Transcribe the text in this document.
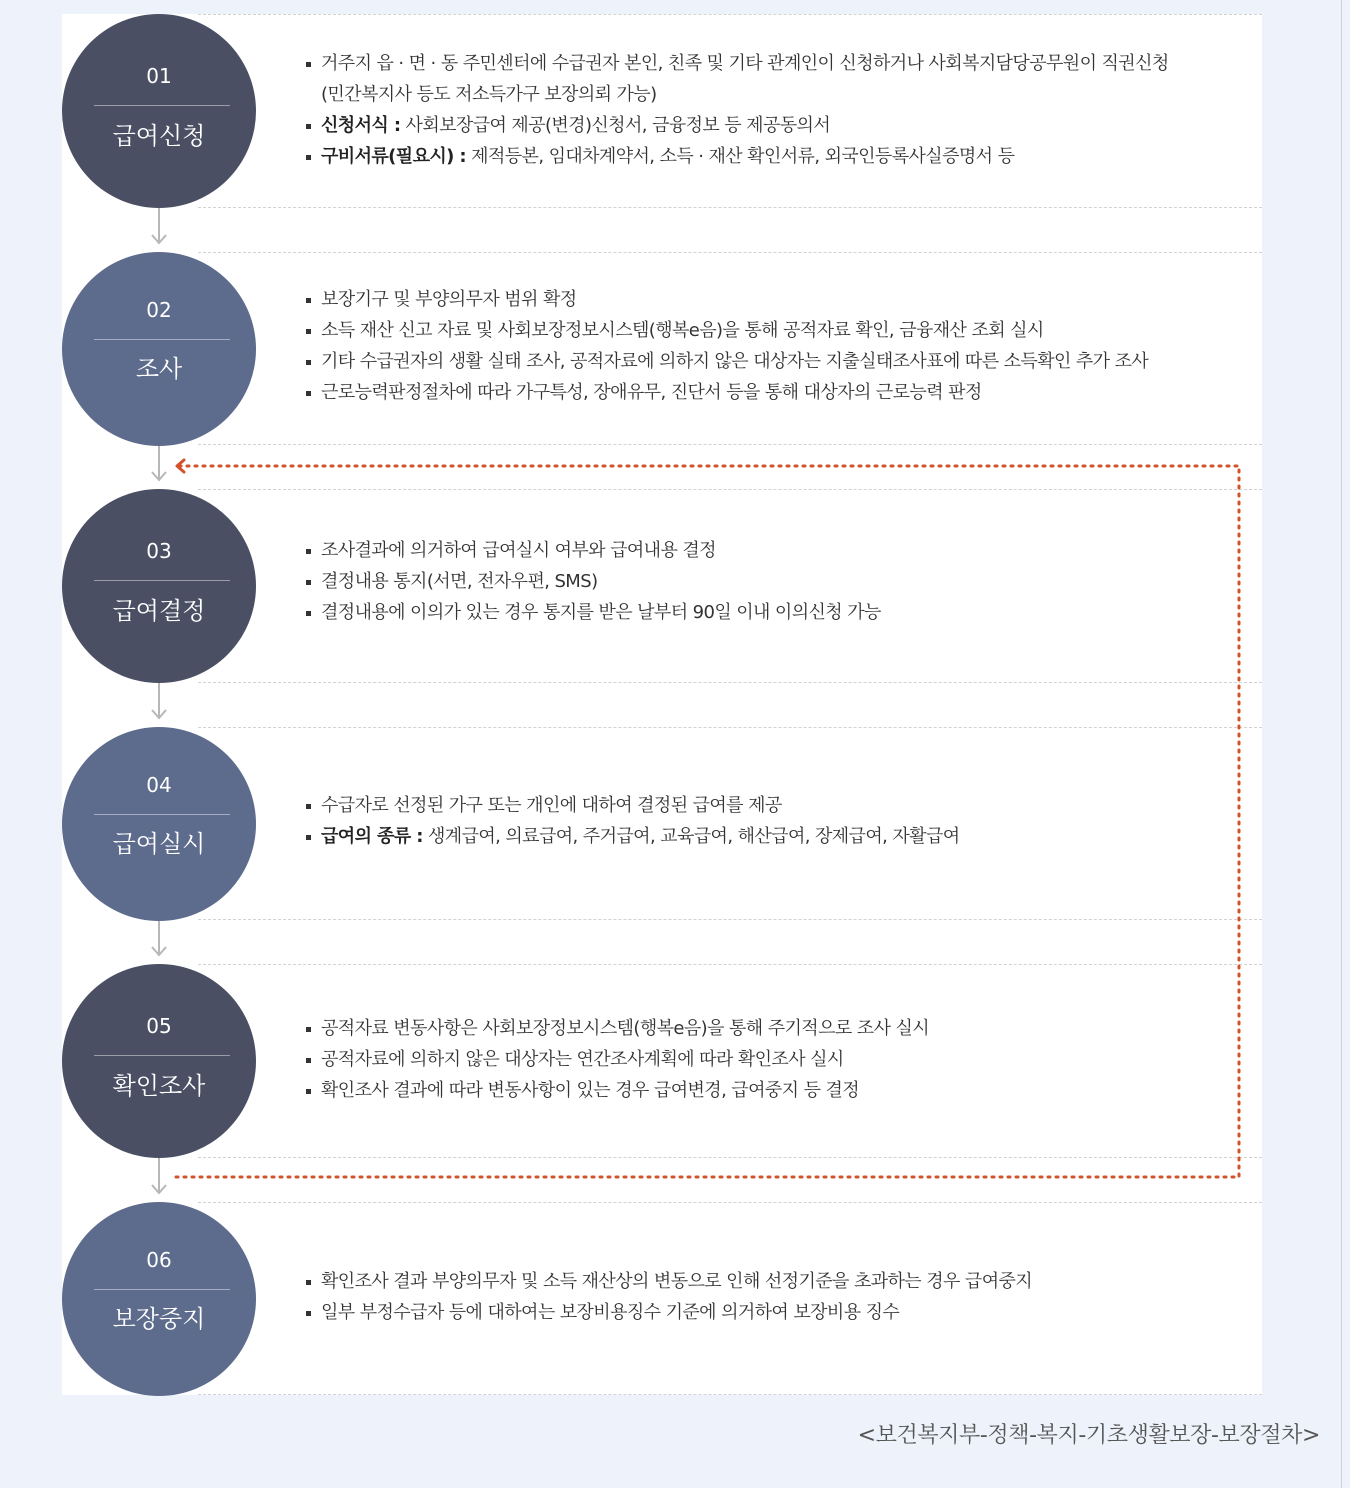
01
급여신청
거주지 읍 · 면 · 동 주민센터에 수급권자 본인, 친족 및 기타 관계인이 신청하거나 사회복지담당공무원이 직권신청
(민간복지사 등도 저소득가구 보장의뢰 가능)
신청서식 : 사회보장급여 제공(변경)신청서, 금융정보 등 제공동의서
구비서류(필요시) : 제적등본, 임대차계약서, 소득 · 재산 확인서류, 외국인등록사실증명서 등
02
조사
보장기구 및 부양의무자 범위 확정
소득 재산 신고 자료 및 사회보장정보시스템(행복e음)을 통해 공적자료 확인, 금융재산 조회 실시
기타 수급권자의 생활 실태 조사, 공적자료에 의하지 않은 대상자는 지출실태조사표에 따른 소득확인 추가 조사
근로능력판정절차에 따라 가구특성, 장애유무, 진단서 등을 통해 대상자의 근로능력 판정
03
급여결정
조사결과에 의거하여 급여실시 여부와 급여내용 결정
결정내용 통지(서면, 전자우편, SMS)
결정내용에 이의가 있는 경우 통지를 받은 날부터 90일 이내 이의신청 가능
04
급여실시
수급자로 선정된 가구 또는 개인에 대하여 결정된 급여를 제공
급여의 종류 : 생계급여, 의료급여, 주거급여, 교육급여, 해산급여, 장제급여, 자활급여
05
확인조사
공적자료 변동사항은 사회보장정보시스템(행복e음)을 통해 주기적으로 조사 실시
공적자료에 의하지 않은 대상자는 연간조사계획에 따라 확인조사 실시
확인조사 결과에 따라 변동사항이 있는 경우 급여변경, 급여중지 등 결정
06
보장중지
확인조사 결과 부양의무자 및 소득 재산상의 변동으로 인해 선정기준을 초과하는 경우 급여중지
일부 부정수급자 등에 대하여는 보장비용징수 기준에 의거하여 보장비용 징수
<보건복지부-정책-복지-기초생활보장-보장절차>
